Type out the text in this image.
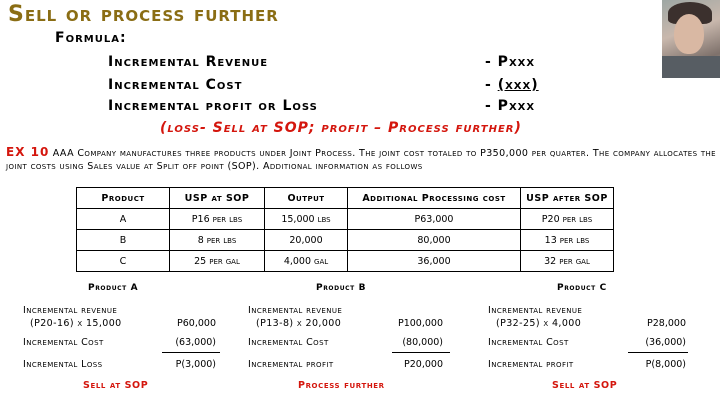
Sell or process further
Formula:
Incremental Revenue	- Pxxx
Incremental Cost	- (xxx)
Incremental profit or Loss	- Pxxx
(loss- Sell at SOP; profit – Process further)
EX 10 AAA Company manufactures three products under Joint Process. The joint cost totaled to P350,000 per quarter. The company allocates the joint costs using Sales value at Split off point (SOP). Additional information as follows
Product	USP at SOP	Output	Additional Processing cost	USP after SOP
A	P16 per lbs	15,000 lbs	P63,000	P20 per lbs
B	8 per lbs	20,000	80,000	13 per lbs
C	25 per gal	4,000 gal	36,000	32 per gal
Product A
Incremental revenue
(P20-16) x 15,000	P60,000
Incremental Cost	(63,000)
Incremental Loss	P(3,000)
Sell at SOP
Product B
Incremental revenue
(P13-8) x 20,000	P100,000
Incremental Cost	(80,000)
Incremental profit	P20,000
Process further
Product C
Incremental revenue
(P32-25) x 4,000	P28,000
Incremental Cost	(36,000)
Incremental profit	P(8,000)
Sell at SOP
